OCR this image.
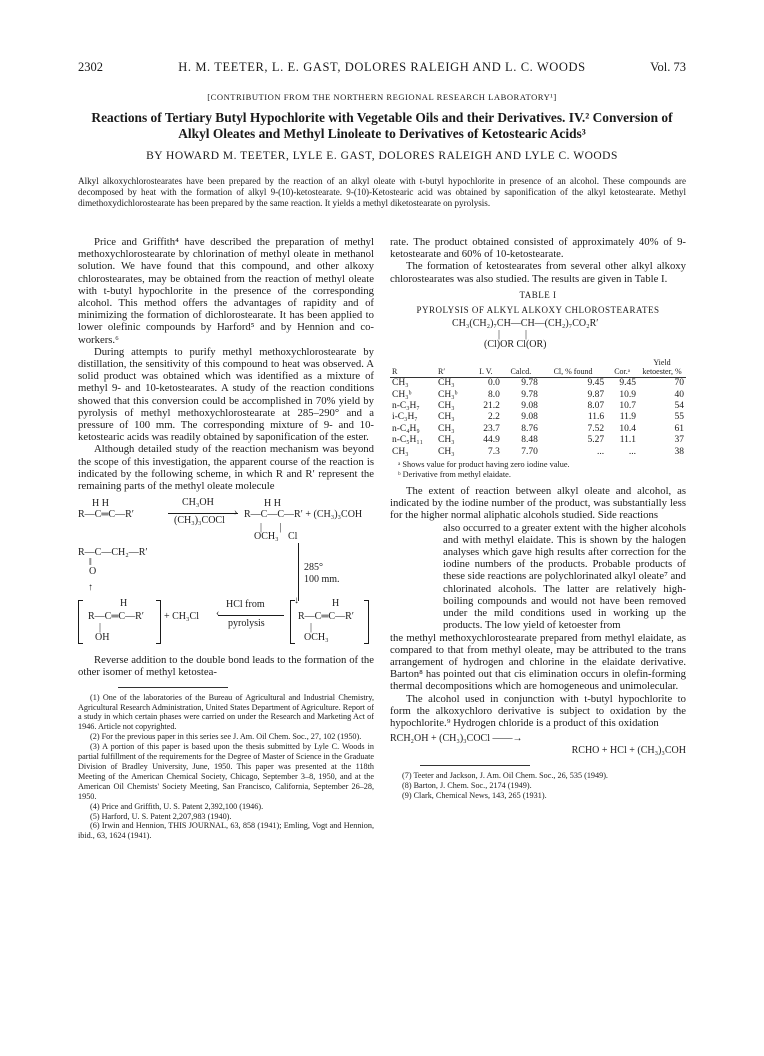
2302	H. M. TEETER, L. E. GAST, DOLORES RALEIGH AND L. C. WOODS	Vol. 73
[CONTRIBUTION FROM THE NORTHERN REGIONAL RESEARCH LABORATORY¹]
Reactions of Tertiary Butyl Hypochlorite with Vegetable Oils and their Derivatives. IV.² Conversion of Alkyl Oleates and Methyl Linoleate to Derivatives of Ketostearic Acids³
BY HOWARD M. TEETER, LYLE E. GAST, DOLORES RALEIGH AND LYLE C. WOODS
Alkyl alkoxychlorostearates have been prepared by the reaction of an alkyl oleate with t-butyl hypochlorite in presence of an alcohol. These compounds are decomposed by heat with the formation of alkyl 9-(10)-ketostearate. 9-(10)-Ketostearic acid was obtained by saponification of the alkyl ketostearate. Methyl dimethoxydichlorostearate has been prepared by the same reaction. It yields a methyl diketostearate on pyrolysis.

Price and Griffith⁴ have described the preparation of methyl methoxychlorostearate by chlorination of methyl oleate in methanol solution. We have found that this compound, and other alkoxy chlorostearates, may be obtained from the reaction of methyl oleate with t-butyl hypochlorite in the presence of the corresponding alcohol. This method offers the advantages of rapidity and of minimizing the formation of dichlorostearate. It has been applied to lower olefinic compounds by Harford⁵ and by Hennion and co-workers.⁶

During attempts to purify methyl methoxychlorostearate by distillation, the sensitivity of this compound to heat was observed. A solid product was obtained which was identified as a mixture of methyl 9- and 10-ketostearates. A study of the reaction conditions showed that this conversion could be accomplished in 70% yield by pyrolysis of methyl methoxychlorostearate at 285–290° and a pressure of 100 mm. The corresponding mixture of 9- and 10-ketostearic acids was readily obtained by saponification of the ester.

Although detailed study of the reaction mechanism was beyond the scope of this investigation, the apparent course of the reaction is indicated by the following scheme, in which R and R′ represent the remaining parts of the methyl oleate molecule

H H
R—C═C—R′
CH₃OH
›
(CH₃)₃COCl
H H
R—C—C—R′ + (CH₃)₃COH
|       |
OCH₃ Cl
R—C—CH₂—R′
‖
O
↑
285°
100 mm.
↓
H
R—C═C—R′
|
OH
+ CH₃Cl
HCl from
‹
pyrolysis
H
R—C═C—R′
|
OCH₃

Reverse addition to the double bond leads to the formation of the other isomer of methyl ketostea-

(1) One of the laboratories of the Bureau of Agricultural and Industrial Chemistry, Agricultural Research Administration, United States Department of Agriculture. Report of a study in which certain phases were carried on under the Research and Marketing Act of 1946. Article not copyrighted.

(2) For the previous paper in this series see J. Am. Oil Chem. Soc., 27, 102 (1950).

(3) A portion of this paper is based upon the thesis submitted by Lyle C. Woods in partial fulfillment of the requirements for the Degree of Master of Science in the Graduate Division of Bradley University, June, 1950. This paper was presented at the 118th Meeting of the American Chemical Society, Chicago, September 3–8, 1950, and at the American Oil Chemists' Society Meeting, San Francisco, California, September 26–28, 1950.

(4) Price and Griffith, U. S. Patent 2,392,100 (1946).

(5) Harford, U. S. Patent 2,207,983 (1940).

(6) Irwin and Hennion, THIS JOURNAL, 63, 858 (1941); Emling, Vogt and Hennion, ibid., 63, 1624 (1941).

rate. The product obtained consisted of approximately 40% of 9-ketostearate and 60% of 10-ketostearate.

The formation of ketostearates from several other alkyl alkoxy chlorostearates was also studied. The results are given in Table I.

TABLE I
PYROLYSIS OF ALKYL ALKOXY CHLOROSTEARATES
CH₃(CH₂)₇CH—CH—(CH₂)₇CO₂R′
|          |
(Cl)OR Cl(OR)
R	R′	I. V.	Calcd.	Cl, % found	Cor.ᵃ	Yield ketoester, %
CH₃	CH₃	0.0	9.78	9.45	9.45	70
CH₃ᵇ	CH₃ᵇ	8.0	9.78	9.87	10.9	40
n-C₃H₇	CH₃	21.2	9.08	8.07	10.7	54
i-C₃H₇	CH₃	2.2	9.08	11.6	11.9	55
n-C₄H₉	CH₃	23.7	8.76	7.52	10.4	61
n-C₅H₁₁	CH₃	44.9	8.48	5.27	11.1	37
CH₃	CH₃	7.3	7.70	...	...	38
ᵃ Shows value for product having zero iodine value.
ᵇ Derivative from methyl elaidate.

The extent of reaction between alkyl oleate and alcohol, as indicated by the iodine number of the product, was substantially less for the higher normal aliphatic alcohols studied. Side reactions

also occurred to a greater extent with the higher alcohols and with methyl elaidate. This is shown by the halogen analyses which gave high results after correction for the iodine numbers of the products. Probable products of these side reactions are polychlorinated alkyl oleate⁷ and chlorinated alcohols. The latter are relatively high-boiling compounds and would not have been removed under the mild conditions used in working up the products. The low yield of ketoester from

the methyl methoxychlorostearate prepared from methyl elaidate, as compared to that from methyl oleate, may be attributed to the trans arrangement of hydrogen and chlorine in the elaidate derivative. Barton⁸ has pointed out that cis elimination occurs in olefin-forming thermal decompositions which are homogeneous and unimolecular.

The alcohol used in conjunction with t-butyl hypochlorite to form the alkoxychloro derivative is subject to oxidation by the hypochlorite.⁹ Hydrogen chloride is a product of this oxidation

RCH₂OH + (CH₃)₃COCl ——→
RCHO + HCl + (CH₃)₃COH

(7) Teeter and Jackson, J. Am. Oil Chem. Soc., 26, 535 (1949).

(8) Barton, J. Chem. Soc., 2174 (1949).

(9) Clark, Chemical News, 143, 265 (1931).
